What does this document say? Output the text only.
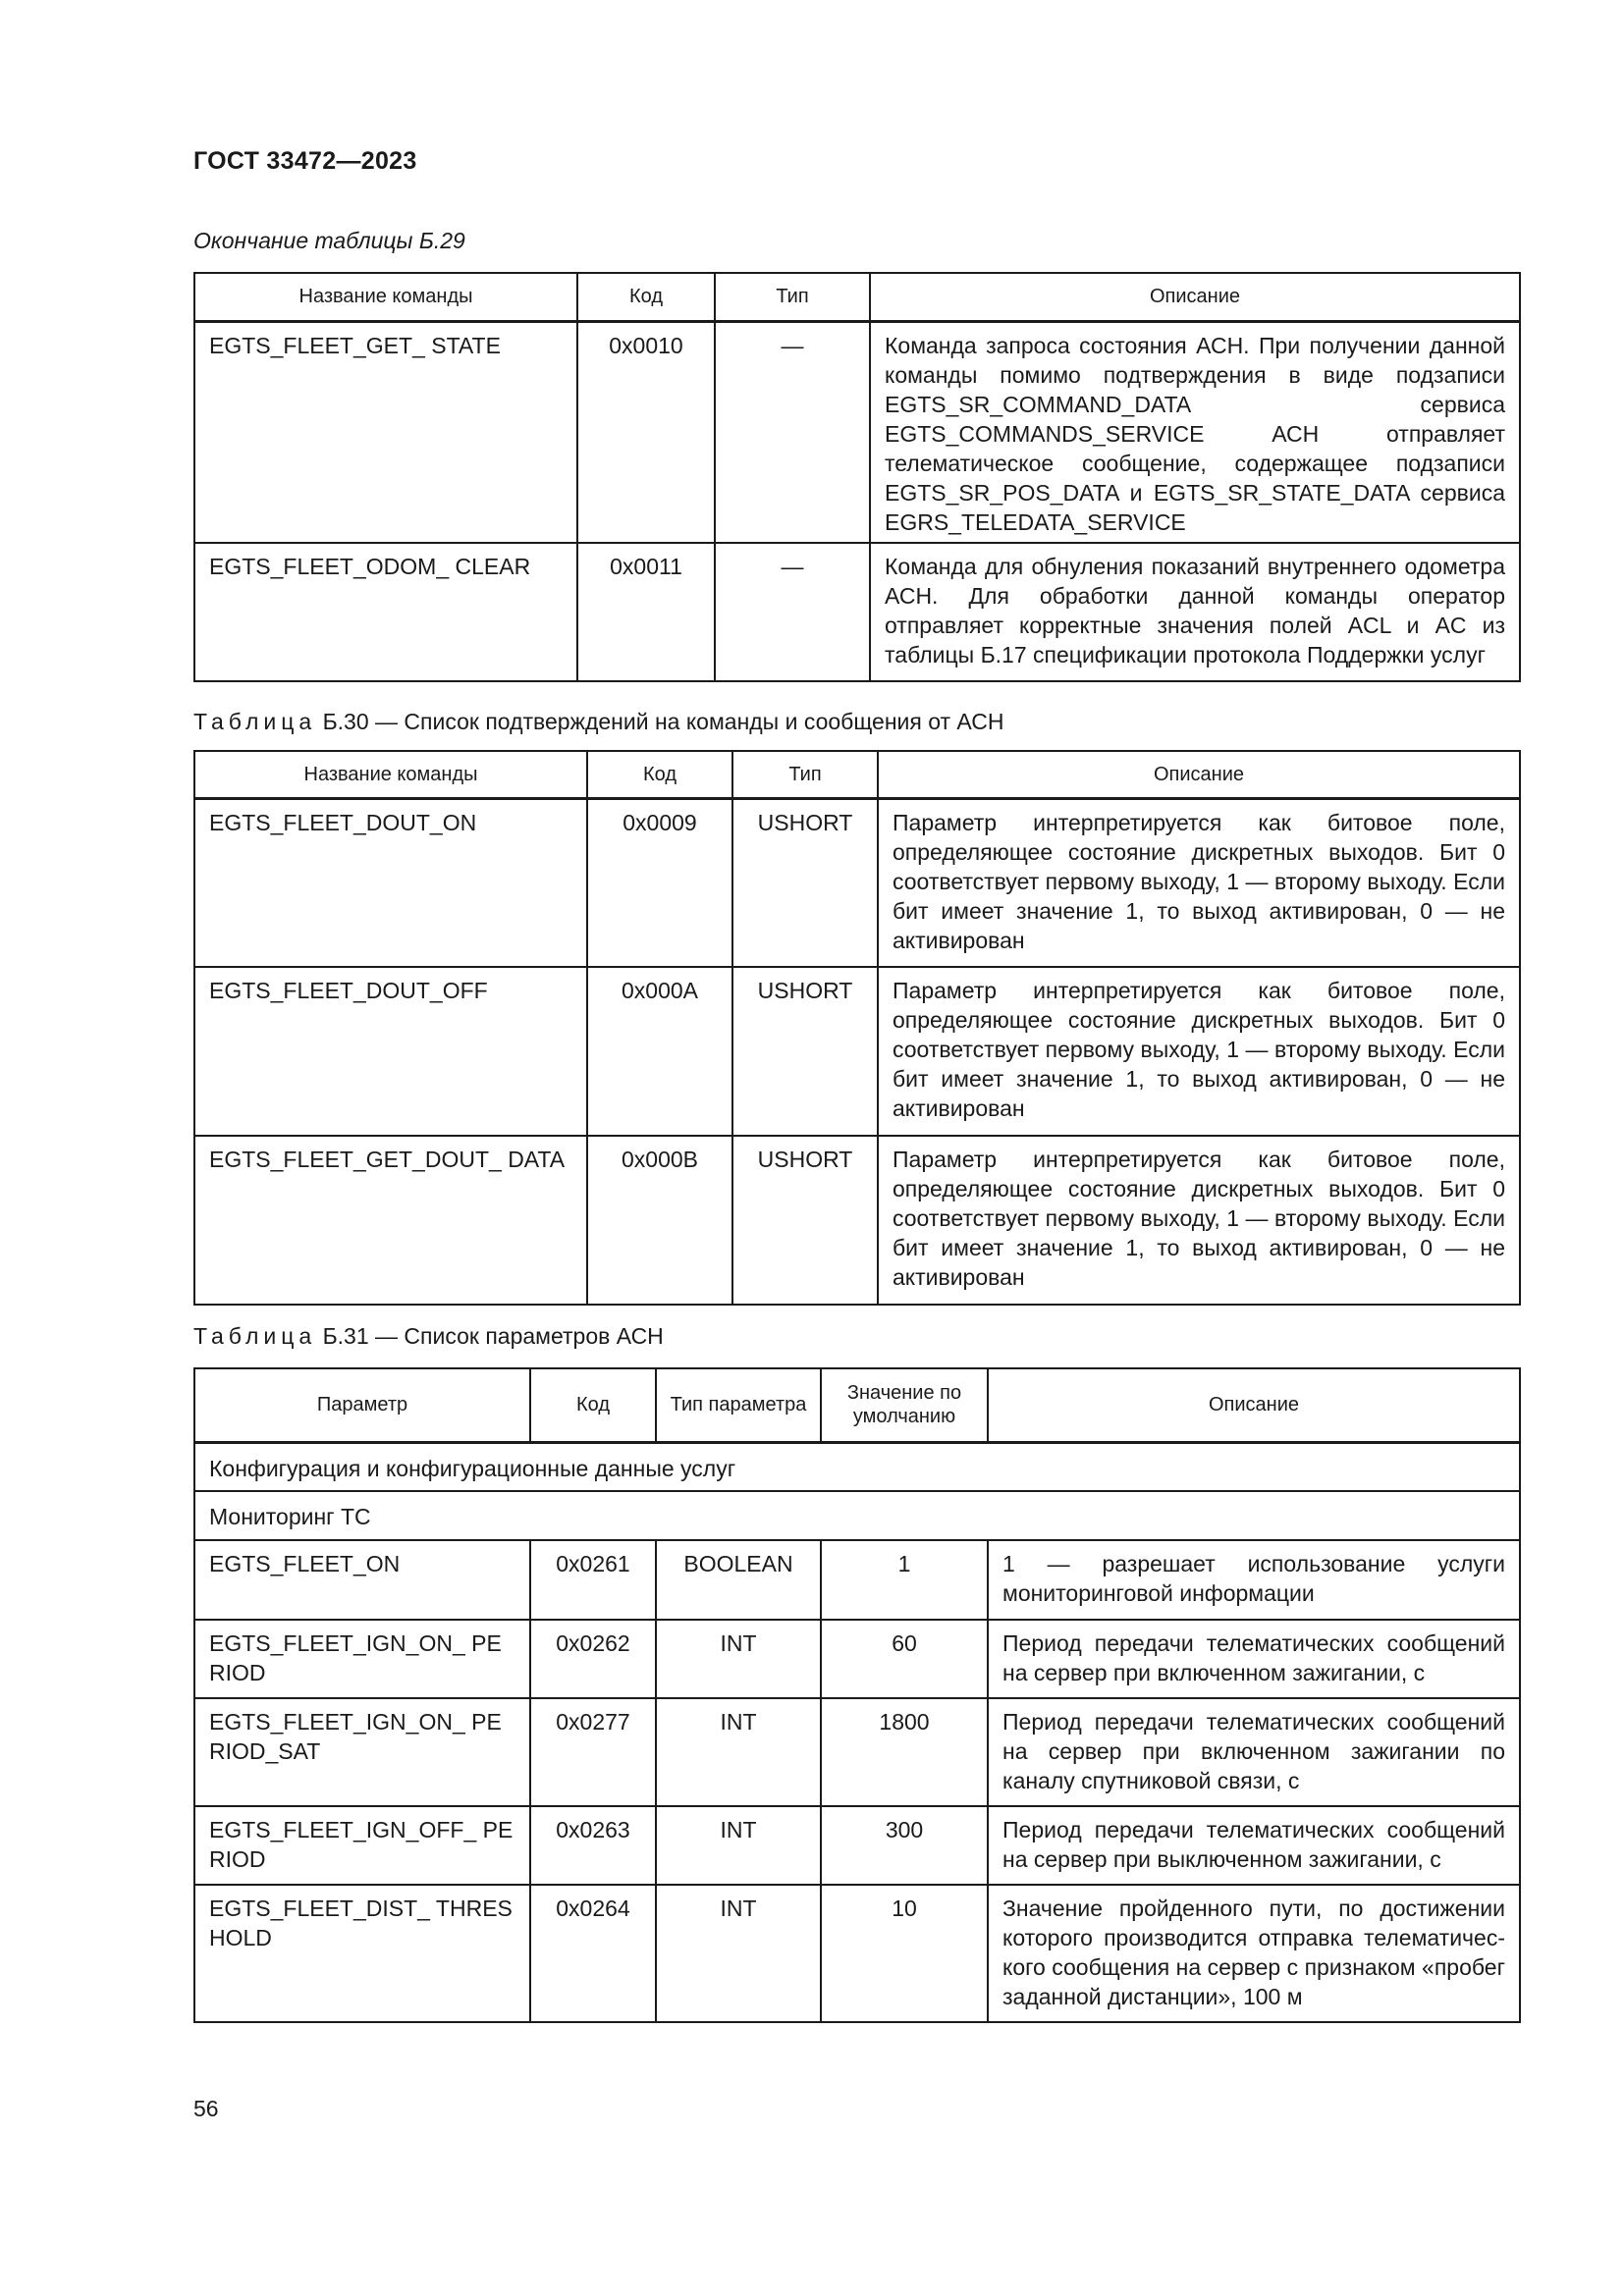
ГОСТ 33472—2023
Окончание таблицы Б.29
Название команды	Код	Тип	Описание
EGTS_FLEET_GET_ STATE	0x0010	—	Команда запроса состояния АСН. При получении данной команды помимо подтверждения в виде подзаписи EGTS_SR_COMMAND_DATA сервиса EGTS_COMMANDS_SERVICE АСН отправляет телематическое сообщение, содержащее подзаписи EGTS_SR_POS_DATA и EGTS_SR_STATE_DATA сервиса EGRS_TELEDATA_SERVICE
EGTS_FLEET_ODOM_ CLEAR	0x0011	—	Команда для обнуления показаний внутреннего одометра АСН. Для обработки данной команды оператор отправляет корректные значения полей ACL и AC из таблицы Б.17 спецификации протокола Поддержки услуг
Таблица Б.30 — Список подтверждений на команды и сообщения от АСН
Название команды	Код	Тип	Описание
EGTS_FLEET_DOUT_ON	0x0009	USHORT	Параметр интерпретируется как битовое поле, определяющее состояние дискретных выходов. Бит 0 соответствует первому выходу, 1 — второму выходу. Если бит имеет значение 1, то выход активирован, 0 — не активирован
EGTS_FLEET_DOUT_OFF	0x000A	USHORT	Параметр интерпретируется как битовое поле, определяющее состояние дискретных выходов. Бит 0 соответствует первому выходу, 1 — второму выходу. Если бит имеет значение 1, то выход активирован, 0 — не активирован
EGTS_FLEET_GET_DOUT_ DATA	0x000B	USHORT	Параметр интерпретируется как битовое поле, определяющее состояние дискретных выходов. Бит 0 соответствует первому выходу, 1 — второму выходу. Если бит имеет значение 1, то выход активирован, 0 — не активирован
Таблица Б.31 — Список параметров АСН
Параметр	Код	Тип параметра	Значение по умолчанию	Описание
Конфигурация и конфигурационные данные услуг				
Мониторинг ТС				
EGTS_FLEET_ON	0x0261	BOOLEAN	1	1 — разрешает использование услуги мониторинговой информации
EGTS_FLEET_IGN_ON_ PERIOD	0x0262	INT	60	Период передачи телематических сообщений на сервер при включенном зажигании, с
EGTS_FLEET_IGN_ON_ PERIOD_SAT	0x0277	INT	1800	Период передачи телематических сообщений на сервер при включенном зажигании по каналу спутниковой связи, с
EGTS_FLEET_IGN_OFF_ PERIOD	0x0263	INT	300	Период передачи телематических сообщений на сервер при выключенном зажигании, с
EGTS_FLEET_DIST_ THRESHOLD	0x0264	INT	10	Значение пройденного пути, по достижении которого производится отправка телематичес-кого сообщения на сервер с признаком «пробег заданной дистанции», 100 м
56
